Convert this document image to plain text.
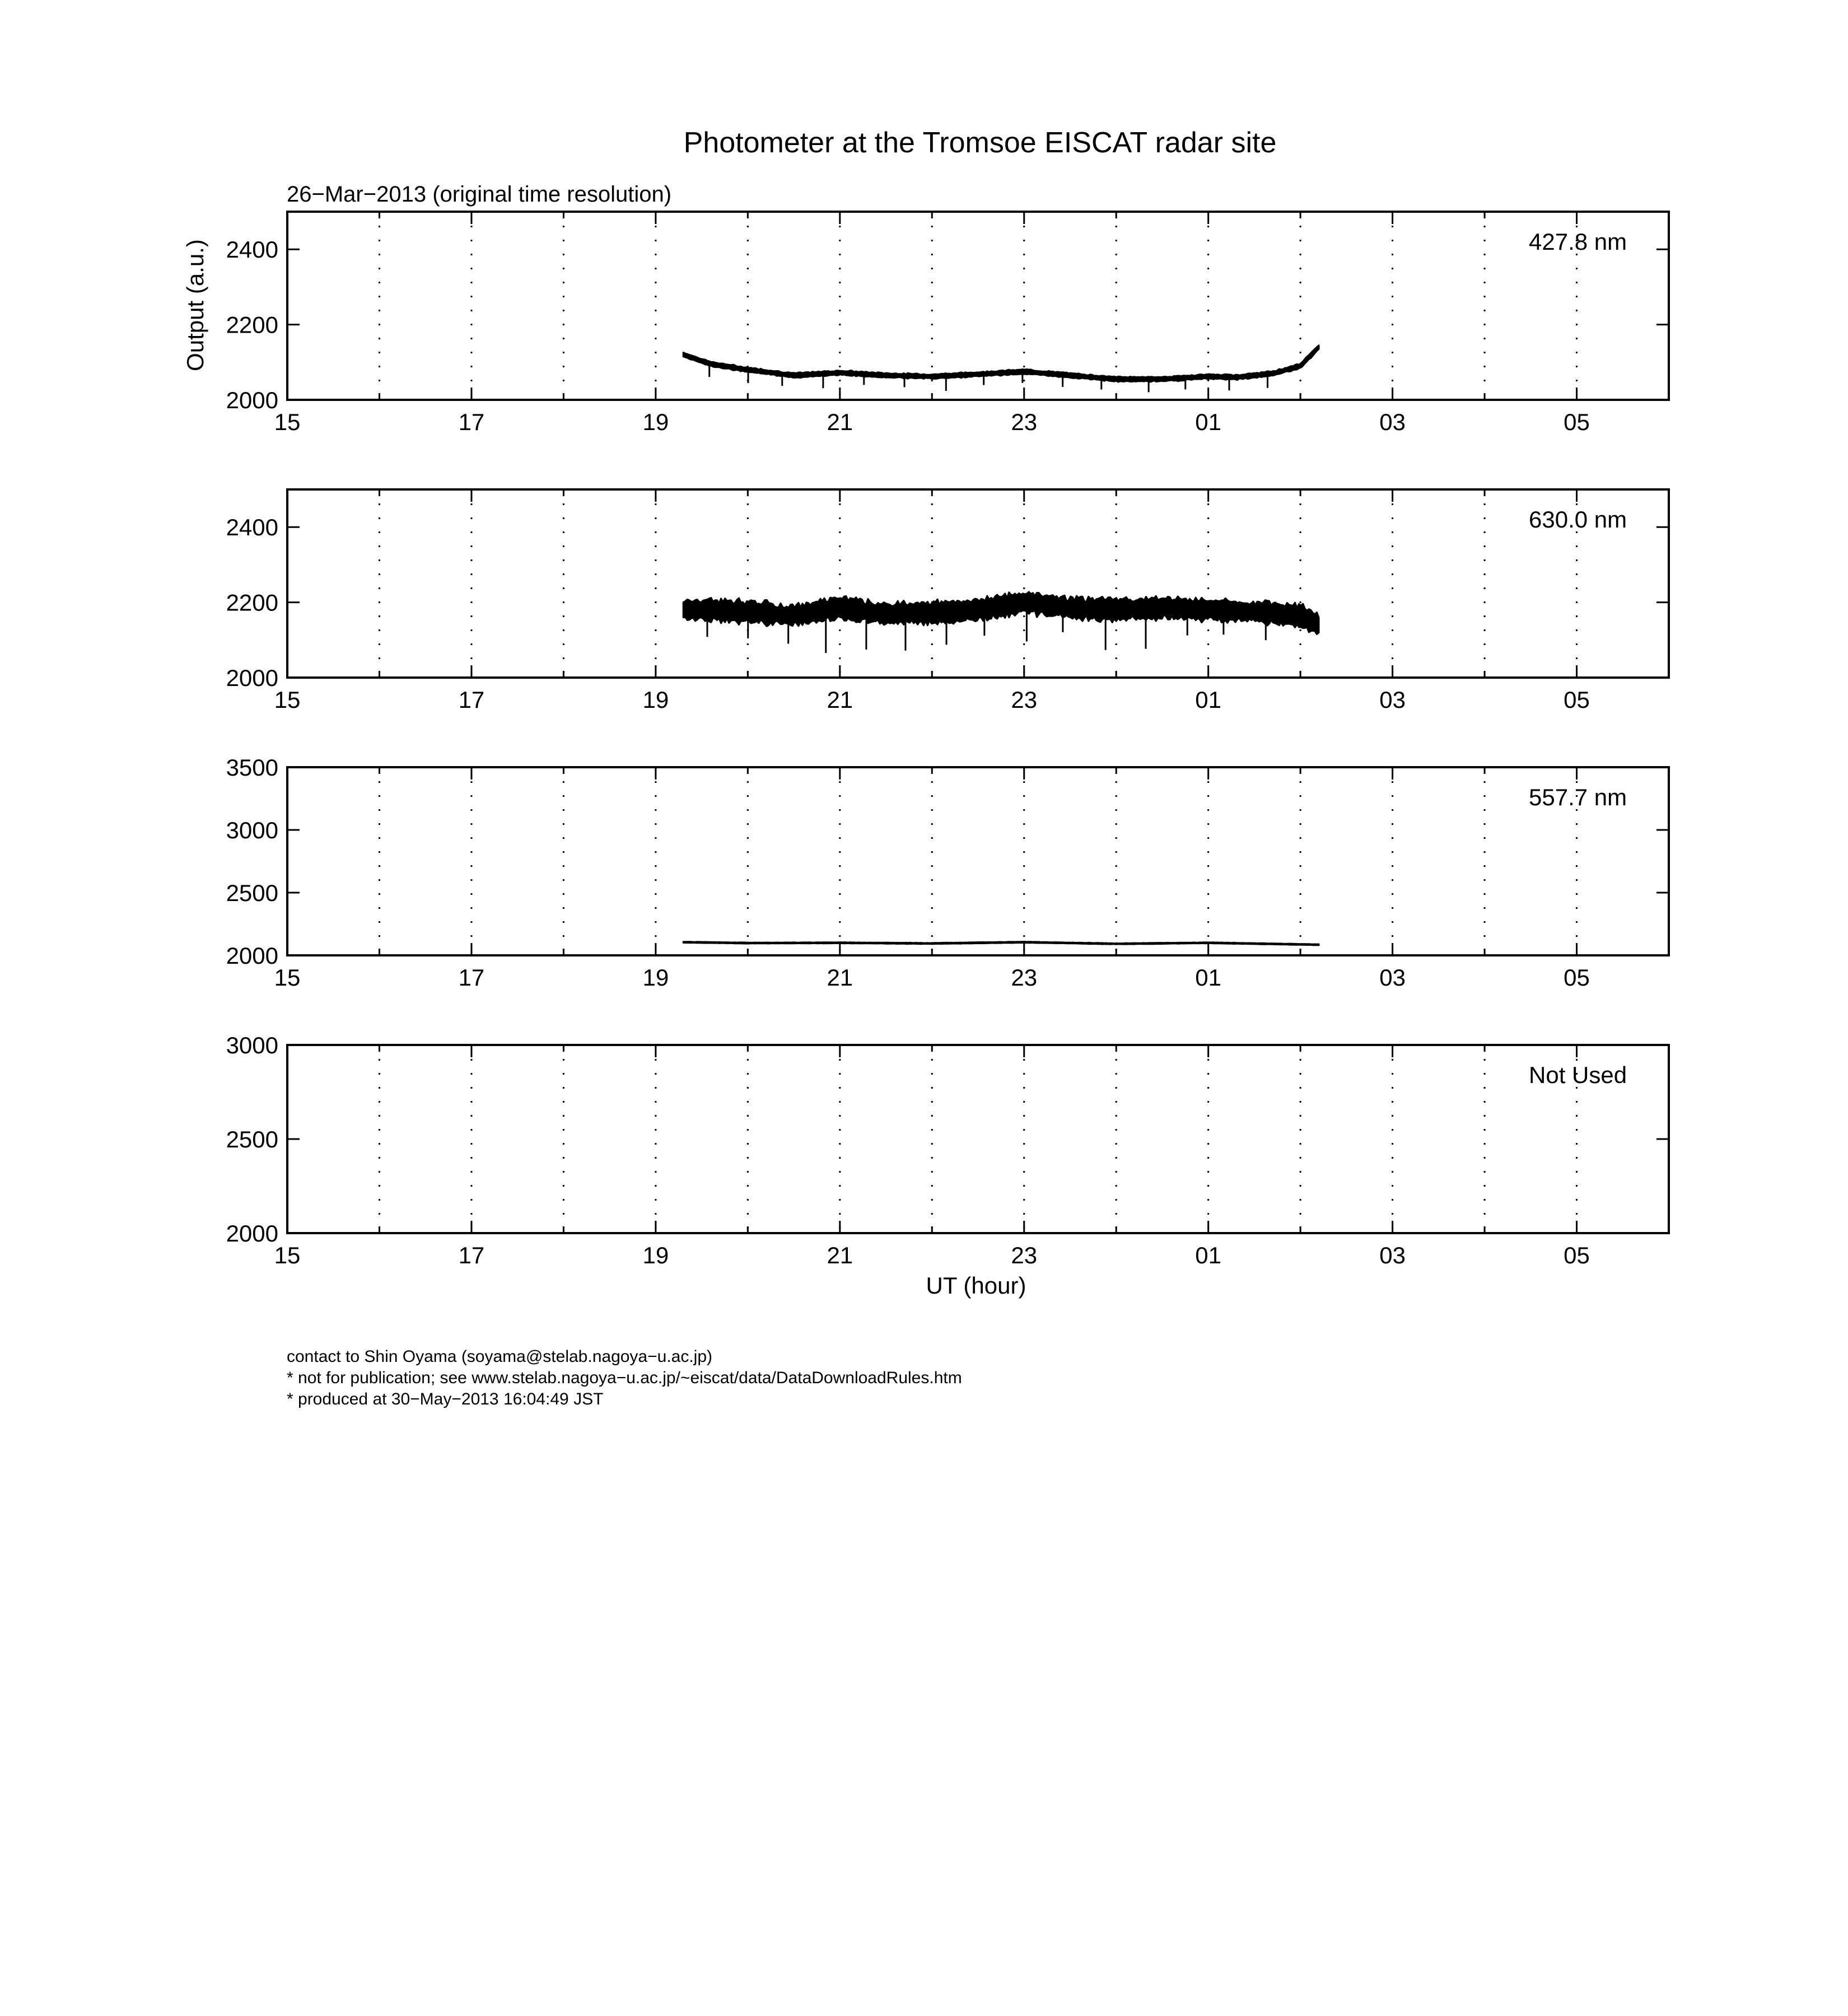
Photometer at the Tromsoe EISCAT radar site
26−Mar−2013 (original time resolution)
Output (a.u.)
UT (hour)
15	17	19	21	23	01	03	05
2000
2200
2400	427.8 nm
15	17	19	21	23	01	03	05
2000
2200
2400	630.0 nm
15	17	19	21	23	01	03	05
2000
2500
3000
3500
557.7 nm
15	17	19	21	23	01	03	05
2000
2500
3000
Not Used
contact to Shin Oyama (soyama@stelab.nagoya−u.ac.jp)
* not for publication; see www.stelab.nagoya−u.ac.jp/~eiscat/data/DataDownloadRules.htm
* produced at 30−May−2013 16:04:49 JST
